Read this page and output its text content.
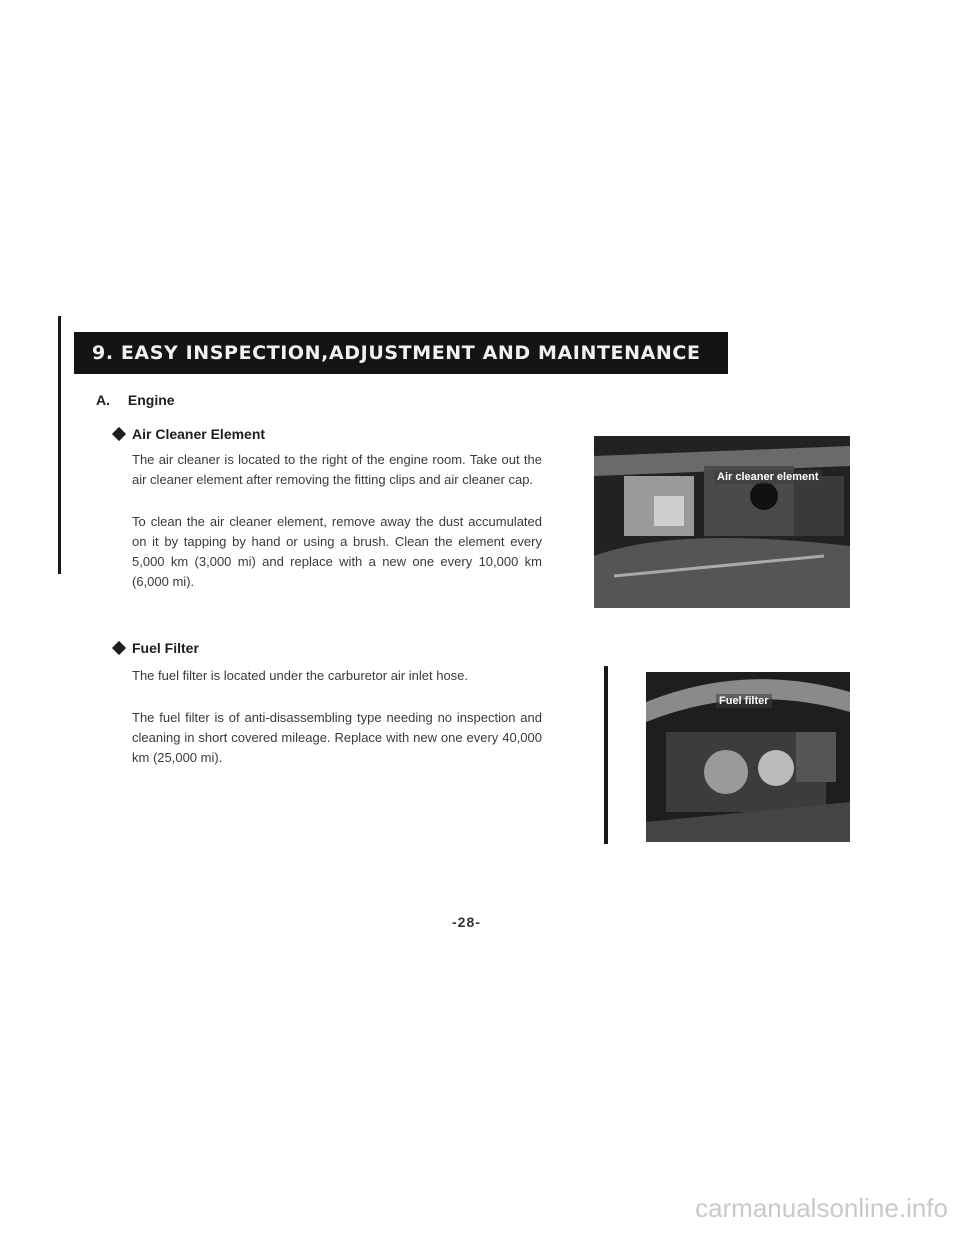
9. EASY INSPECTION,ADJUSTMENT AND MAINTENANCE
A. Engine
Air Cleaner Element

The air cleaner is located to the right of the engine room. Take out the air cleaner element after removing the fitting clips and air cleaner cap.

To clean the air cleaner element, remove away the dust accumulated on it by tapping by hand or using a brush. Clean the element every 5,000 km (3,000 mi) and replace with a new one every 10,000 km (6,000 mi).

Air cleaner element
Fuel Filter

The fuel filter is located under the carburetor air inlet hose.

The fuel filter is of anti-disassembling type needing no inspection and cleaning in short covered mileage. Replace with new one every 40,000 km (25,000 mi).

Fuel filter
-28-
carmanualsonline.info
